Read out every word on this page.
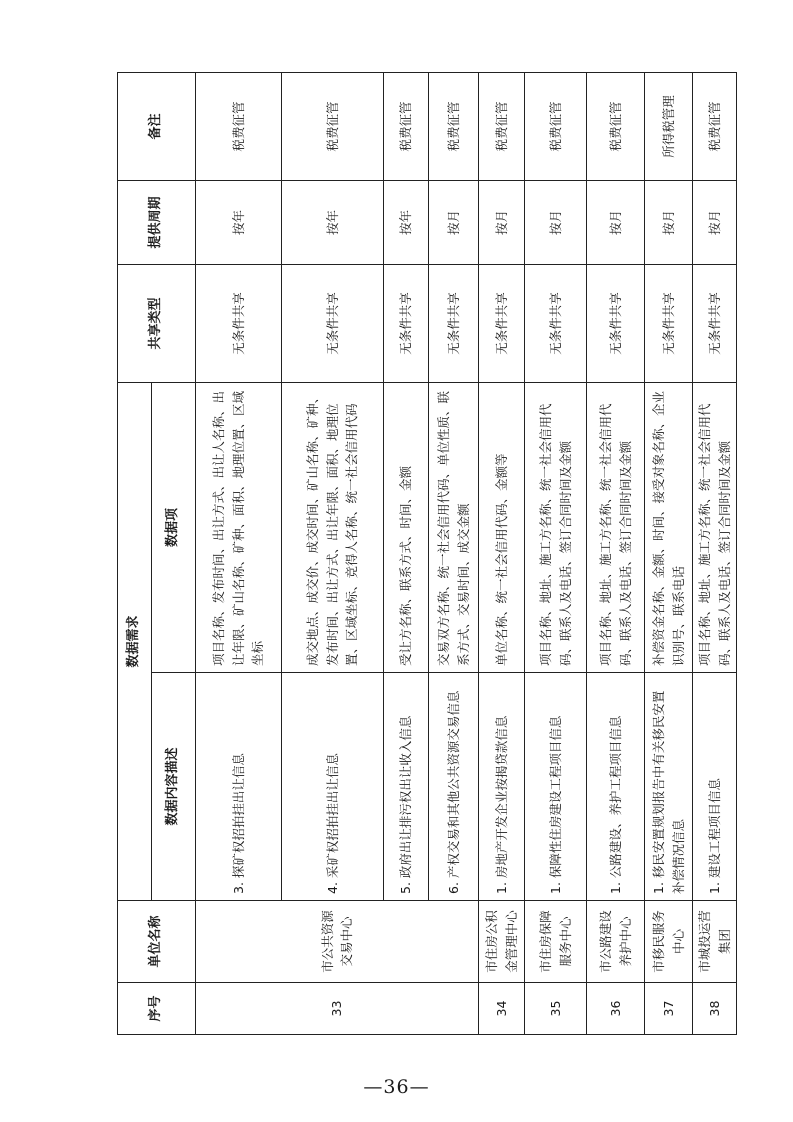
序号	单位名称	数据需求		共享类型	提供周期	备注
		数据内容描述	数据项			
33	市公共资源交易中心	3. 探矿权招拍挂出让信息	项目名称、发布时间、出让方式、出让人名称、出让年限、矿山名称、矿种、面积、地理位置、区域坐标	无条件共享	按年	税费征管
		4. 采矿权招拍挂出让信息	成交地点、成交价、成交时间、矿山名称、矿种、发布时间、出让方式、出让年限、面积、地理位置、区域坐标、竞得人名称、统一社会信用代码	无条件共享	按年	税费征管
		5. 政府出让排污权出让收入信息	受让方名称、联系方式、时间、金额	无条件共享	按年	税费征管
		6. 产权交易和其他公共资源交易信息	交易双方名称、统一社会信用代码、单位性质、联系方式、交易时间、成交金额	无条件共享	按月	税费征管
34	市住房公积金管理中心	1. 房地产开发企业按揭贷款信息	单位名称、统一社会信用代码、金额等	无条件共享	按月	税费征管
35	市住房保障服务中心	1. 保障性住房建设工程项目信息	项目名称、地址、施工方名称、统一社会信用代码、联系人及电话、签订合同时间及金额	无条件共享	按月	税费征管
36	市公路建设养护中心	1. 公路建设、养护工程项目信息	项目名称、地址、施工方名称、统一社会信用代码、联系人及电话、签订合同时间及金额	无条件共享	按月	税费征管
37	市移民服务中心	1. 移民安置规划报告中有关移民安置补偿情况信息	补偿资金名称、金额、时间、接受对象名称、企业识别号、联系电话	无条件共享	按月	所得税管理
38	市城投运营集团	1. 建设工程项目信息	项目名称、地址、施工方名称、统一社会信用代码、联系人及电话、签订合同时间及金额	无条件共享	按月	税费征管
—36—
